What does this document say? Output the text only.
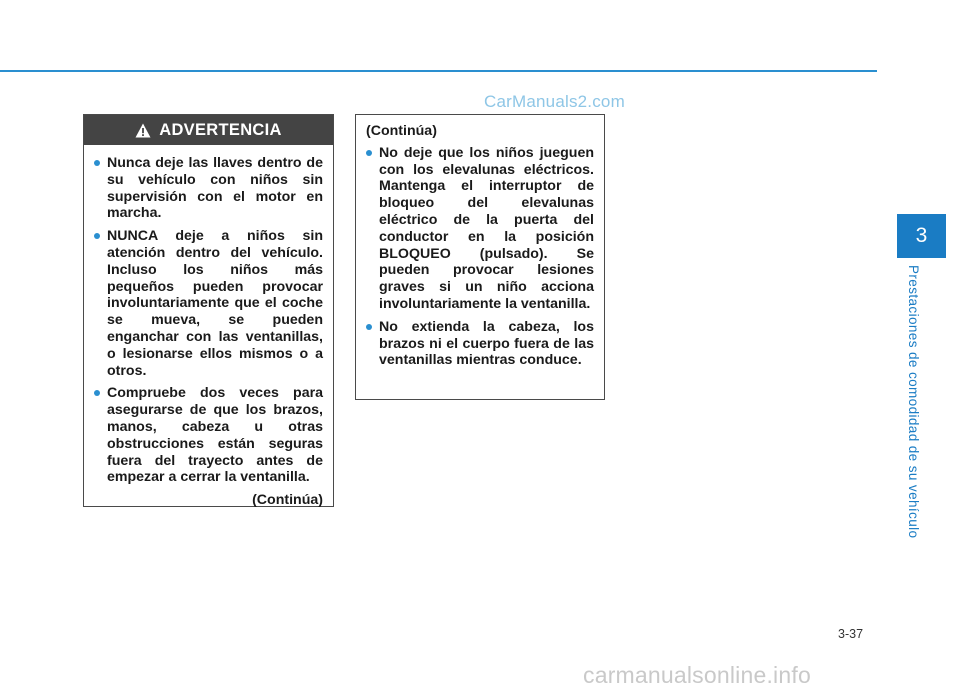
CarManuals2.com
3
Prestaciones de comodidad de su vehículo
ADVERTENCIA
Nunca deje las llaves dentro de su vehículo con niños sin supervisión con el motor en marcha.
NUNCA deje a niños sin atención dentro del vehículo. Incluso los niños más pequeños pueden provocar involuntariamente que el coche se mueva, se pueden enganchar con las ventanillas, o lesionarse ellos mismos o a otros.
Compruebe dos veces para asegurarse de que los brazos, manos, cabeza u otras obstrucciones están seguras fuera del trayecto antes de empezar a cerrar la ventanilla.
(Continúa)
(Continúa)
No deje que los niños jueguen con los elevalunas eléctricos. Mantenga el interruptor de bloqueo del elevalunas eléctrico de la puerta del conductor en la posición BLOQUEO (pulsado). Se pueden provocar lesiones graves si un niño acciona involuntariamente la ventanilla.
No extienda la cabeza, los brazos ni el cuerpo fuera de las ventanillas mientras conduce.
3-37
carmanualsonline.info
